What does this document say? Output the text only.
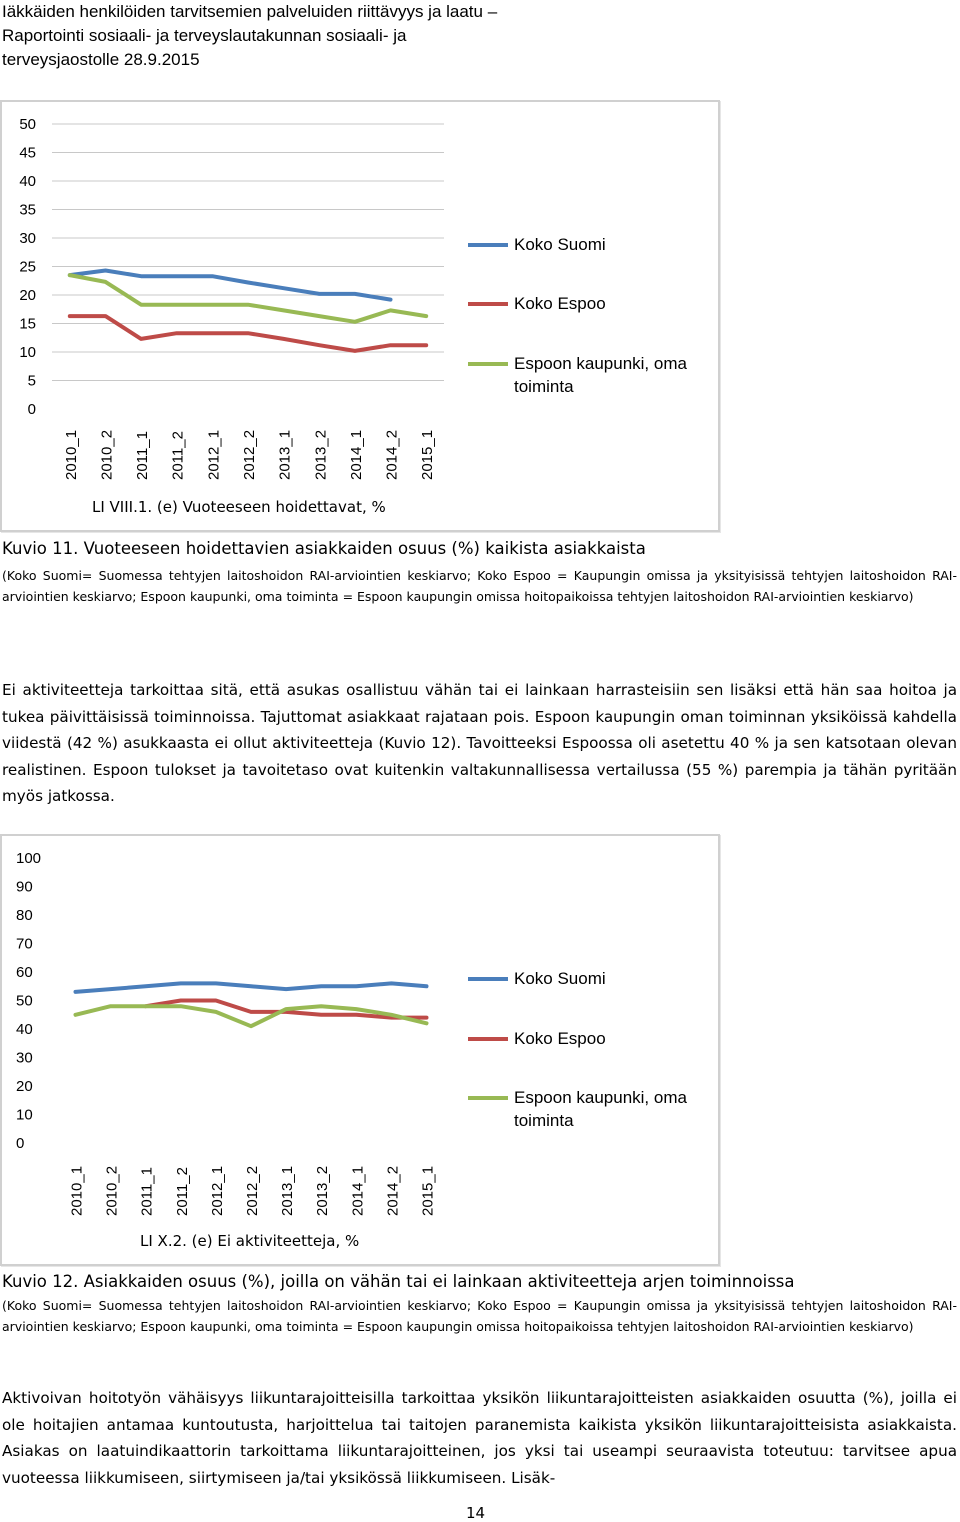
Iäkkäiden henkilöiden tarvitsemien palveluiden riittävyys ja laatu – Raportointi sosiaali- ja terveyslautakunnan sosiaali- ja terveysjaostolle 28.9.2015
0
5
10
15
20
25
30
35
40
45
50
2010_1 2010_2 2011_1 2011_2 2012_1 2012_2 2013_1 2013_2 2014_1 2014_2 2015_1
Koko Suomi
Koko Espoo
Espoon kaupunki, oma toiminta
LI VIII.1. (e) Vuoteeseen hoidettavat, %
Kuvio 11. Vuoteeseen hoidettavien asiakkaiden osuus (%) kaikista asiakkaista
(Koko Suomi= Suomessa tehtyjen laitoshoidon RAI-arviointien keskiarvo; Koko Espoo = Kaupungin omissa ja yksityisissä tehtyjen laitoshoidon RAI-arviointien keskiarvo; Espoon kaupunki, oma toiminta = Espoon kaupungin omissa hoitopaikoissa tehtyjen laitoshoidon RAI-arviointien keskiarvo)
Ei aktiviteetteja tarkoittaa sitä, että asukas osallistuu vähän tai ei lainkaan harrasteisiin sen lisäksi että hän saa hoitoa ja tukea päivittäisissä toiminnoissa. Tajuttomat asiakkaat rajataan pois. Espoon kaupungin oman toiminnan yksiköissä kahdella viidestä (42 %) asukkaasta ei ollut aktiviteetteja (Kuvio 12). Tavoitteeksi Espoossa oli asetettu 40 % ja sen katsotaan olevan realistinen. Espoon tulokset ja tavoitetaso ovat kuitenkin valtakunnallisessa vertailussa (55 %) parempia ja tähän pyritään myös jatkossa.
0
10
20
30
40
50
60
70
80
90
100
2010_1 2010_2 2011_1 2011_2 2012_1 2012_2 2013_1 2013_2 2014_1 2014_2 2015_1
Koko Suomi
Koko Espoo
Espoon kaupunki, oma toiminta
LI X.2. (e) Ei aktiviteetteja, %
Kuvio 12. Asiakkaiden osuus (%), joilla on vähän tai ei lainkaan aktiviteetteja arjen toiminnoissa
(Koko Suomi= Suomessa tehtyjen laitoshoidon RAI-arviointien keskiarvo; Koko Espoo = Kaupungin omissa ja yksityisissä tehtyjen laitoshoidon RAI-arviointien keskiarvo; Espoon kaupunki, oma toiminta = Espoon kaupungin omissa hoitopaikoissa tehtyjen laitoshoidon RAI-arviointien keskiarvo)
Aktivoivan hoitotyön vähäisyys liikuntarajoitteisilla tarkoittaa yksikön liikuntarajoitteisten asiakkaiden osuutta (%), joilla ei ole hoitajien antamaa kuntoutusta, harjoittelua tai taitojen paranemista kaikista yksikön liikuntarajoitteisista asiakkaista. Asiakas on laatuindikaattorin tarkoittama liikuntarajoitteinen, jos yksi tai useampi seuraavista toteutuu: tarvitsee apua vuoteessa liikkumiseen, siirtymiseen ja/tai yksikössä liikkumiseen. Lisäk-
14
